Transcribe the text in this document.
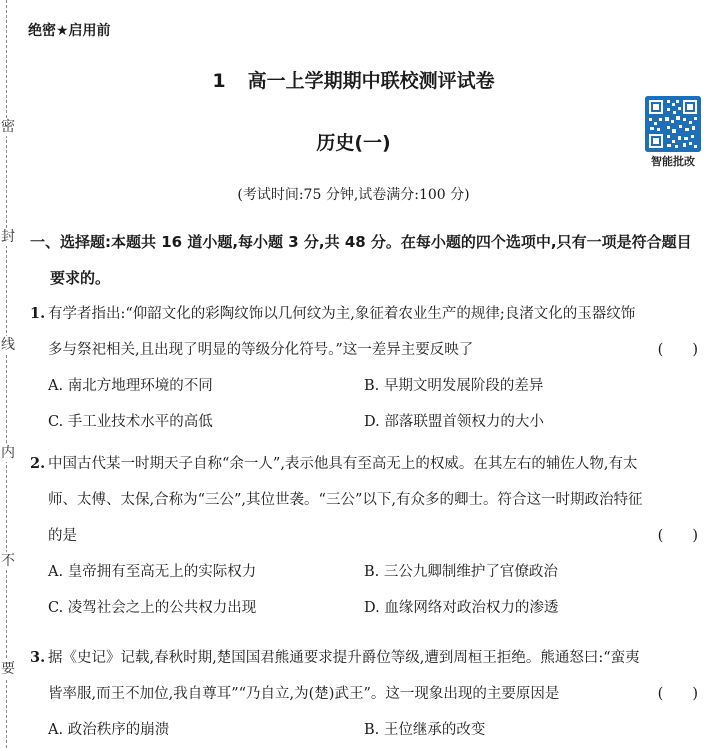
密
封
线
内
不
要
绝密★启用前
1 高一上学期期中联校测评试卷
历史(一)
智能批改
(考试时间:75 分钟,试卷满分:100 分)
一、选择题:本题共 16 道小题,每小题 3 分,共 48 分。在每小题的四个选项中,只有一项是符合题目
要求的。
1. 有学者指出:“仰韶文化的彩陶纹饰以几何纹为主,象征着农业生产的规律;良渚文化的玉器纹饰
多与祭祀相关,且出现了明显的等级分化符号。”这一差异主要反映了	(　　)
A. 南北方地理环境的不同	B. 早期文明发展阶段的差异
C. 手工业技术水平的高低	D. 部落联盟首领权力的大小
2. 中国古代某一时期天子自称“余一人”,表示他具有至高无上的权威。在其左右的辅佐人物,有太
师、太傅、太保,合称为“三公”,其位世袭。“三公”以下,有众多的卿士。符合这一时期政治特征
的是	(　　)
A. 皇帝拥有至高无上的实际权力	B. 三公九卿制维护了官僚政治
C. 凌驾社会之上的公共权力出现	D. 血缘网络对政治权力的渗透
3. 据《史记》记载,春秋时期,楚国国君熊通要求提升爵位等级,遭到周桓王拒绝。熊通怒曰:“蛮夷
皆率服,而王不加位,我自尊耳”“乃自立,为(楚)武王”。这一现象出现的主要原因是	(　　)
A. 政治秩序的崩溃	B. 王位继承的改变
